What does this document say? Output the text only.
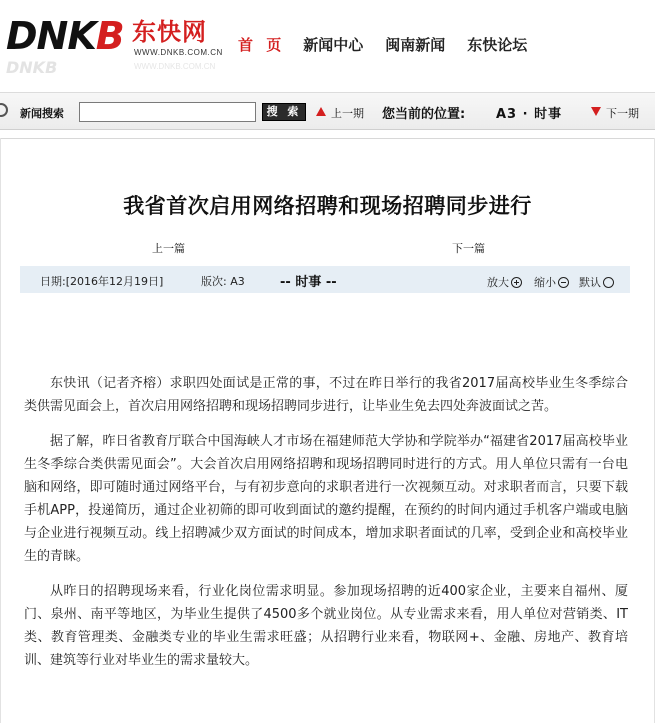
DNKB 东快网
WWW.DNKB.COM.CN
DNKB	WWW.DNKB.COM.CN
首 页 新闻中心 闽南新闻 东快论坛
新闻搜索	搜 索	上一期 您当前的位置: A3 · 时事	下一期
我省首次启用网络招聘和现场招聘同步进行
上一篇	下一篇
日期:[2016年12月19日]	版次: A3	-- 时事 --	放大 缩小 默认

东快讯（记者齐榕）求职四处面试是正常的事，不过在昨日举行的我省2017届高校毕业生冬季综合类供需见面会上，首次启用网络招聘和现场招聘同步进行，让毕业生免去四处奔波面试之苦。

据了解，昨日省教育厅联合中国海峡人才市场在福建师范大学协和学院举办“福建省2017届高校毕业生冬季综合类供需见面会”。大会首次启用网络招聘和现场招聘同时进行的方式。用人单位只需有一台电脑和网络，即可随时通过网络平台，与有初步意向的求职者进行一次视频互动。对求职者而言，只要下载手机APP，投递简历，通过企业初筛的即可收到面试的邀约提醒，在预约的时间内通过手机客户端或电脑与企业进行视频互动。线上招聘减少双方面试的时间成本，增加求职者面试的几率，受到企业和高校毕业生的青睐。

从昨日的招聘现场来看，行业化岗位需求明显。参加现场招聘的近400家企业，主要来自福州、厦门、泉州、南平等地区，为毕业生提供了4500多个就业岗位。从专业需求来看，用人单位对营销类、IT类、教育管理类、金融类专业的毕业生需求旺盛；从招聘行业来看，物联网+、金融、房地产、教育培训、建筑等行业对毕业生的需求量较大。
